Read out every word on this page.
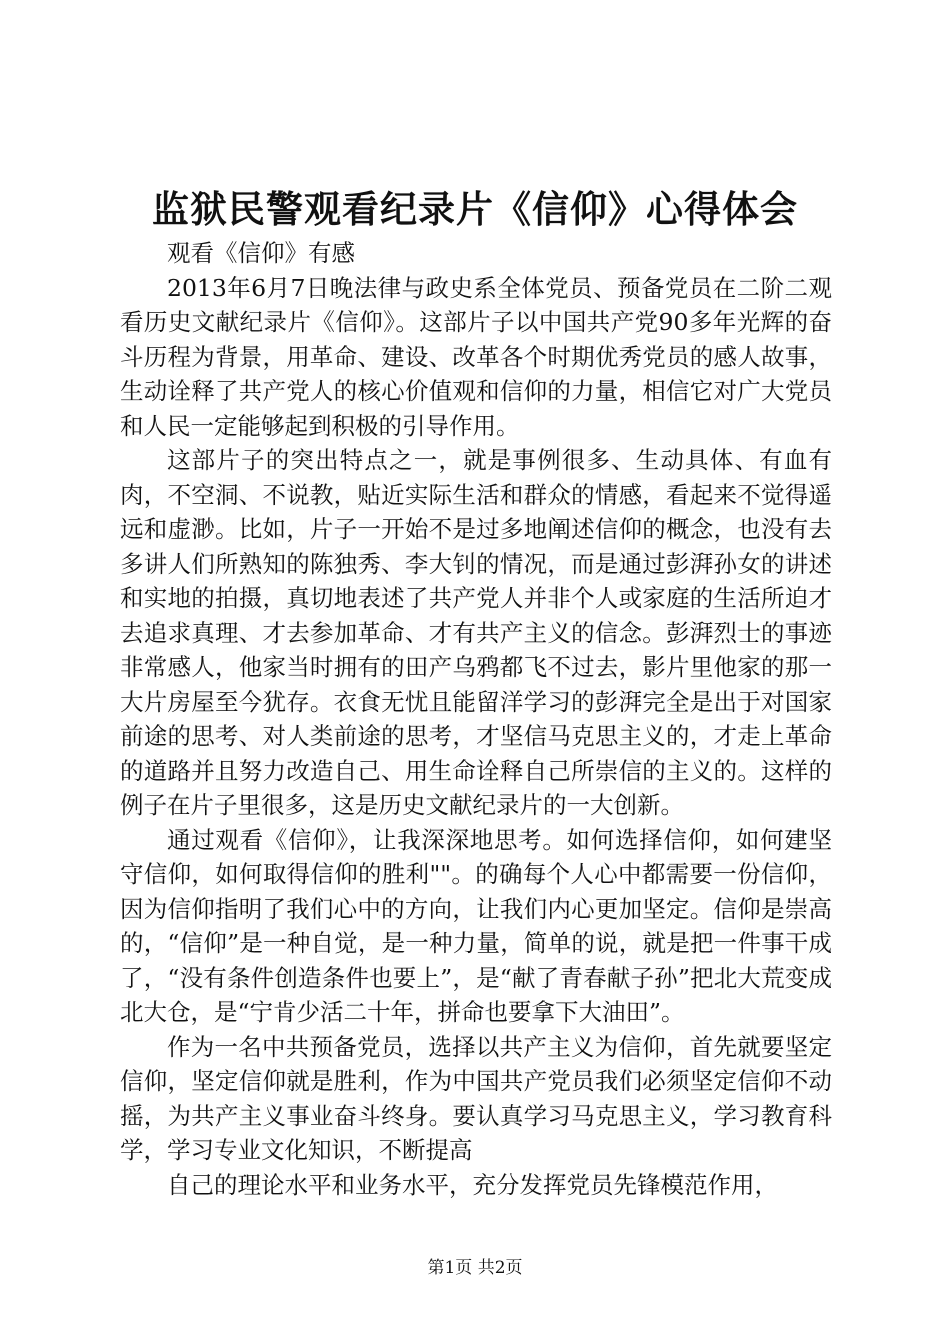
监狱民警观看纪录片《信仰》心得体会

观看《信仰》有感

2013年6月7日晚法律与政史系全体党员、预备党员在二阶二观看历史文献纪录片《信仰》。这部片子以中国共产党90多年光辉的奋斗历程为背景，用革命、建设、改革各个时期优秀党员的感人故事，生动诠释了共产党人的核心价值观和信仰的力量，相信它对广大党员和人民一定能够起到积极的引导作用。

这部片子的突出特点之一，就是事例很多、生动具体、有血有肉，不空洞、不说教，贴近实际生活和群众的情感，看起来不觉得遥远和虚渺。比如，片子一开始不是过多地阐述信仰的概念，也没有去多讲人们所熟知的陈独秀、李大钊的情况，而是通过彭湃孙女的讲述和实地的拍摄，真切地表述了共产党人并非个人或家庭的生活所迫才去追求真理、才去参加革命、才有共产主义的信念。彭湃烈士的事迹非常感人，他家当时拥有的田产乌鸦都飞不过去，影片里他家的那一大片房屋至今犹存。衣食无忧且能留洋学习的彭湃完全是出于对国家前途的思考、对人类前途的思考，才坚信马克思主义的，才走上革命的道路并且努力改造自己、用生命诠释自己所崇信的主义的。这样的例子在片子里很多，这是历史文献纪录片的一大创新。

通过观看《信仰》，让我深深地思考。如何选择信仰，如何建坚守信仰，如何取得信仰的胜利""。的确每个人心中都需要一份信仰，因为信仰指明了我们心中的方向，让我们内心更加坚定。信仰是崇高的，“信仰”是一种自觉，是一种力量，简单的说，就是把一件事干成了，“没有条件创造条件也要上”，是“献了青春献子孙”把北大荒变成北大仓，是“宁肯少活二十年，拼命也要拿下大油田”。

作为一名中共预备党员，选择以共产主义为信仰，首先就要坚定信仰，坚定信仰就是胜利，作为中国共产党员我们必须坚定信仰不动摇，为共产主义事业奋斗终身。要认真学习马克思主义，学习教育科学，学习专业文化知识，不断提高

自己的理论水平和业务水平，充分发挥党员先锋模范作用，

第1页 共2页
